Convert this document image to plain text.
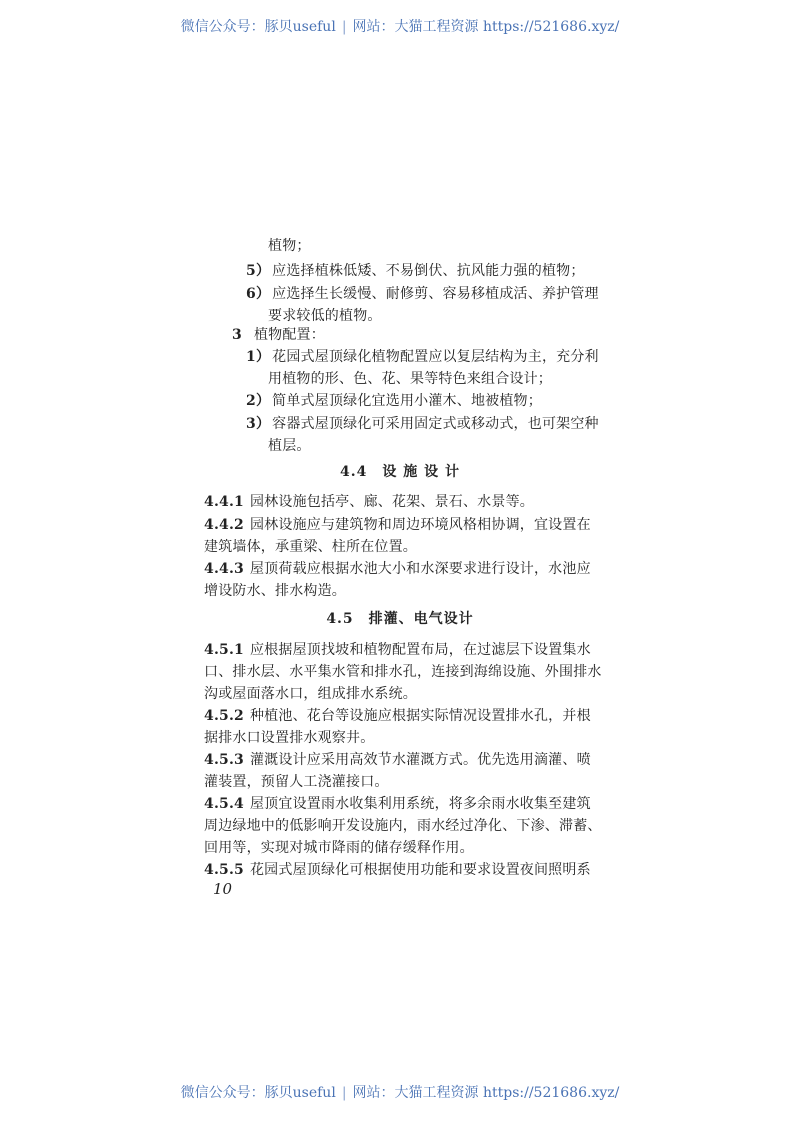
微信公众号：豚贝useful | 网站：大猫工程资源 https://521686.xyz/
植物；
5） 应选择植株低矮、不易倒伏、抗风能力强的植物；
6） 应选择生长缓慢、耐修剪、容易移植成活、养护管理
要求较低的植物。
3 植物配置：
1） 花园式屋顶绿化植物配置应以复层结构为主，充分利
用植物的形、色、花、果等特色来组合设计；
2） 简单式屋顶绿化宜选用小灌木、地被植物；
3） 容器式屋顶绿化可采用固定式或移动式，也可架空种
植层。
4.4　设 施 设 计
4.4.1 园林设施包括亭、廊、花架、景石、水景等。
4.4.2 园林设施应与建筑物和周边环境风格相协调，宜设置在
建筑墙体，承重梁、柱所在位置。
4.4.3 屋顶荷载应根据水池大小和水深要求进行设计，水池应
增设防水、排水构造。
4.5　排灌、电气设计
4.5.1 应根据屋顶找坡和植物配置布局，在过滤层下设置集水
口、排水层、水平集水管和排水孔，连接到海绵设施、外围排水
沟或屋面落水口，组成排水系统。
4.5.2 种植池、花台等设施应根据实际情况设置排水孔，并根
据排水口设置排水观察井。
4.5.3 灌溉设计应采用高效节水灌溉方式。优先选用滴灌、喷
灌装置，预留人工浇灌接口。
4.5.4 屋顶宜设置雨水收集利用系统，将多余雨水收集至建筑
周边绿地中的低影响开发设施内，雨水经过净化、下渗、滞蓄、
回用等，实现对城市降雨的储存缓释作用。
4.5.5 花园式屋顶绿化可根据使用功能和要求设置夜间照明系
10
微信公众号：豚贝useful | 网站：大猫工程资源 https://521686.xyz/
